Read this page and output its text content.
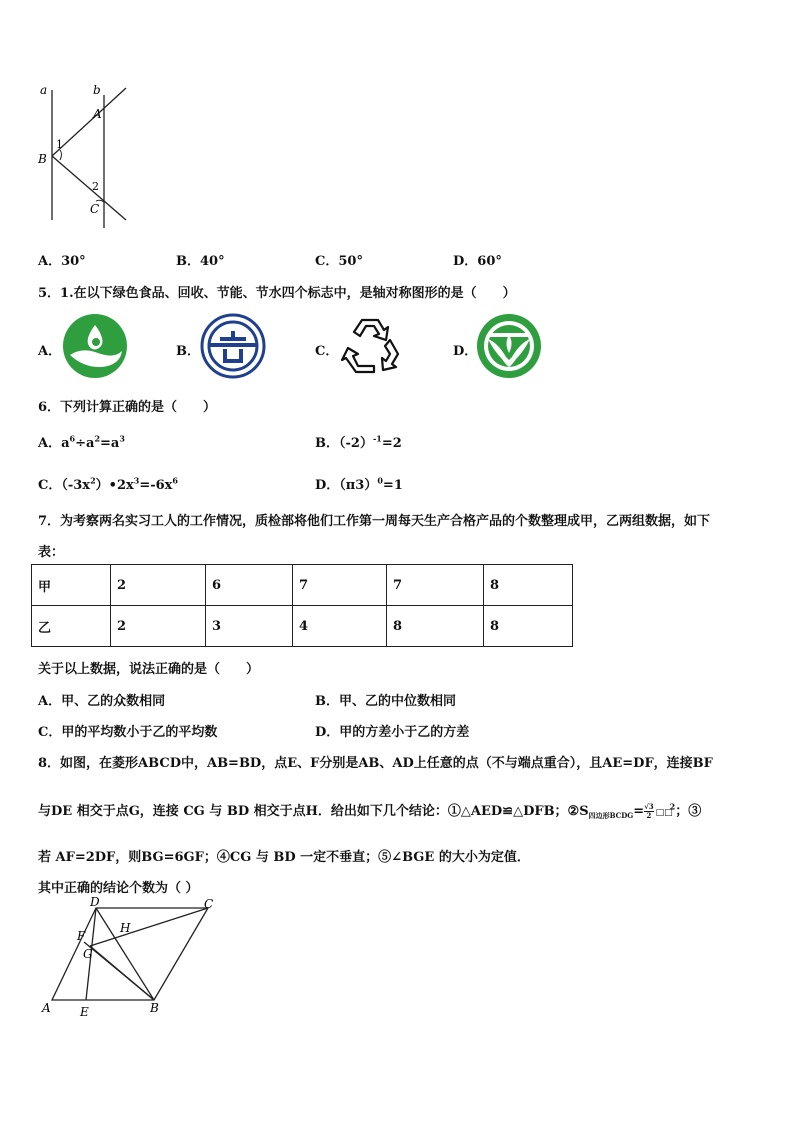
a	b
A
B
C
1
2
A．30°	B．40°	C．50°	D．60°
5．1.在以下绿色食品、回收、节能、节水四个标志中，是轴对称图形的是（　　）
A．	B．	C．	D．
6．下列计算正确的是（　　）
A．$a^6\div a^2=a^3$	B．$(-2)^{-1}=2$
C．$(-3x^2)•2x^3=-6x^6$	D．$(\pi 3)^0=1$
7．为考察两名实习工人的工作情况，质检部将他们工作第一周每天生产合格产品的个数整理成甲，乙两组数据，如下
表：
甲	2	6	7	7	8
乙	2	3	4	8	8
关于以上数据，说法正确的是（　　）
A．甲、乙的众数相同	B．甲、乙的中位数相同
C．甲的平均数小于乙的平均数	D．甲的方差小于乙的方差
8．如图，在菱形ABCD中，AB=BD，点E、F分别是AB、AD上任意的点（不与端点重合），且AE=DF，连接BF
与DE 相交于点G，连接 CG 与 BD 相交于点H．给出如下几个结论：①△AED≌△DFB；$②S_{四边形BCDG}= \frac{√3}{2}$ □□$^2$；③
若 AF=2DF，则BG=6GF；④CG 与 BD 一定不垂直；⑤∠BGE 的大小为定值．
其中正确的结论个数为（ ）
D	C
H
F
G
A E	B
